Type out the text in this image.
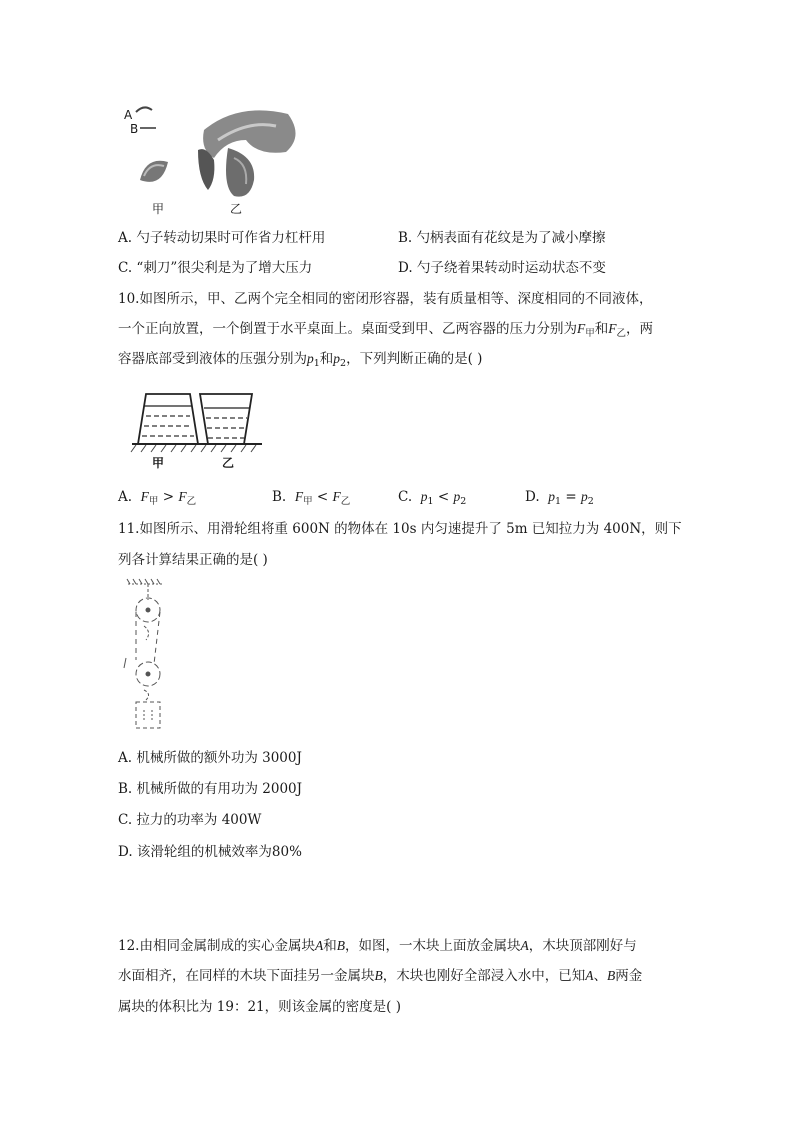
A
B
甲	乙
A. 勺子转动切果时可作省力杠杆用	B. 勺柄表面有花纹是为了减小摩擦
C. “刺刀”很尖利是为了增大压力	D. 勺子绕着果转动时运动状态不变
10.如图所示，甲、乙两个完全相同的密闭形容器，装有质量相等、深度相同的不同液体，
一个正向放置，一个倒置于水平桌面上。桌面受到甲、乙两容器的压力分别为$F_甲$和$F_乙$，两
容器底部受到液体的压强分别为$p_1$和$p_2$，下列判断正确的是( )
甲	乙
A. $F_甲 > F_乙$	B. $F_甲 < F_乙$	C. $p_1 < p_2$	D. $p_1 = p_2$
11.如图所示、用滑轮组将重 600N 的物体在 10s 内匀速提升了 5m 已知拉力为 400N，则下
列各计算结果正确的是( )
A. 机械所做的额外功为 3000J
B. 机械所做的有用功为 2000J
C. 拉力的功率为 400W
D. 该滑轮组的机械效率为80%
12.由相同金属制成的实心金属块A和B，如图，一木块上面放金属块A，木块顶部刚好与
水面相齐，在同样的木块下面挂另一金属块B，木块也刚好全部浸入水中，已知A、B两金
属块的体积比为 19：21，则该金属的密度是( )
